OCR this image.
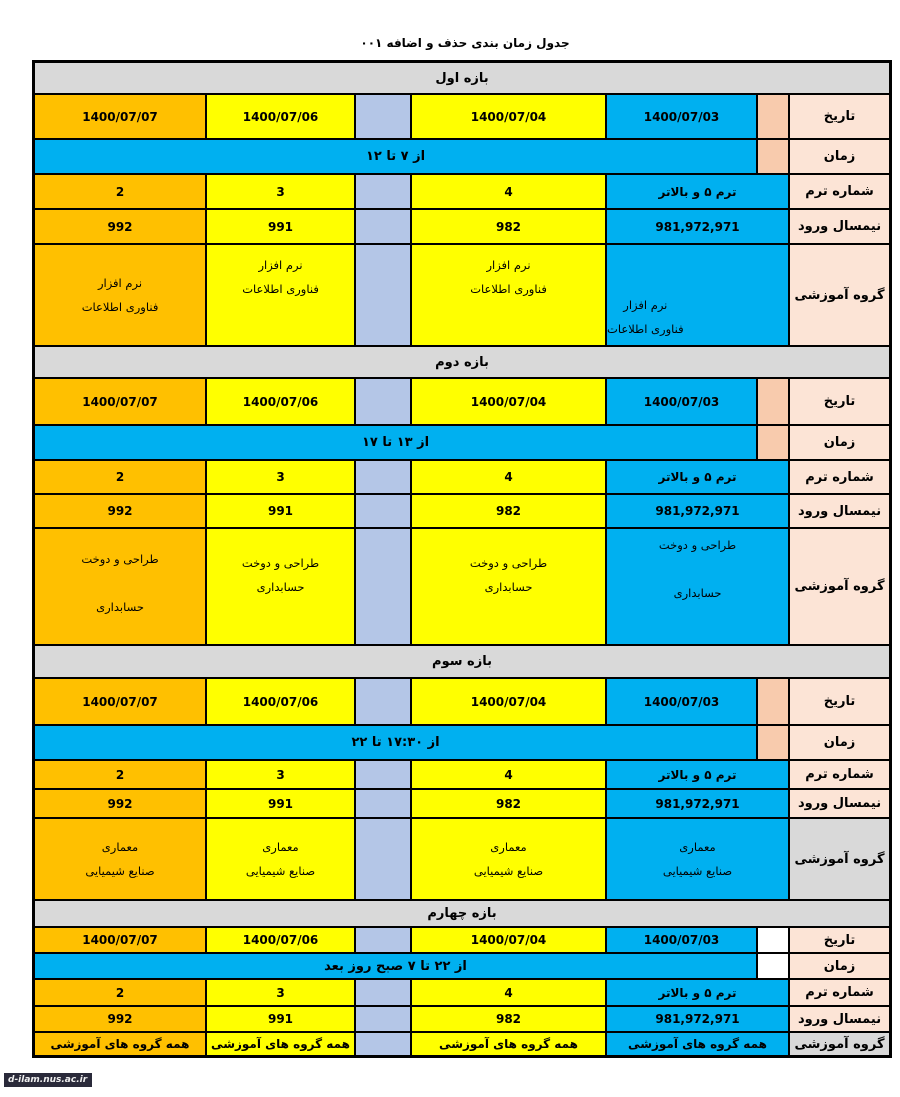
جدول زمان بندی حذف و اضافه ۰۰۱
بازه اول
تاریخ
1400/07/03
1400/07/04
1400/07/06
1400/07/07
زمان
از ۷ تا ۱۲
شماره ترم
ترم ۵ و بالاتر
4
3
2
نیمسال ورود
981,972,971
982
991
992
گروه آموزشی
نرم افزار
فناوری اطلاعات
نرم افزار
فناوری اطلاعات
نرم افزار
فناوری اطلاعات
نرم افزار
فناوری اطلاعات
بازه دوم
تاریخ
1400/07/03
1400/07/04
1400/07/06
1400/07/07
زمان
از ۱۳ تا ۱۷
شماره ترم
ترم ۵ و بالاتر
4
3
2
نیمسال ورود
981,972,971
982
991
992
گروه آموزشی
طراحی و دوخت

حسابداری
طراحی و دوخت
حسابداری
طراحی و دوخت
حسابداری
طراحی و دوخت

حسابداری
بازه سوم
تاریخ
1400/07/03
1400/07/04
1400/07/06
1400/07/07
زمان
از ۱۷:۳۰ تا ۲۲
شماره ترم
ترم ۵ و بالاتر
4
3
2
نیمسال ورود
981,972,971
982
991
992
گروه آموزشی
معماری
صنایع شیمیایی
معماری
صنایع شیمیایی
معماری
صنایع شیمیایی
معماری
صنایع شیمیایی
بازه چهارم
تاریخ
1400/07/03
1400/07/04
1400/07/06
1400/07/07
زمان
از ۲۲ تا ۷ صبح روز بعد
شماره ترم
ترم ۵ و بالاتر
4
3
2
نیمسال ورود
981,972,971
982
991
992
گروه آموزشی
همه گروه های آموزشی
همه گروه های آموزشی
همه گروه های آموزشی
همه گروه های آموزشی
d-ilam.nus.ac.ir
